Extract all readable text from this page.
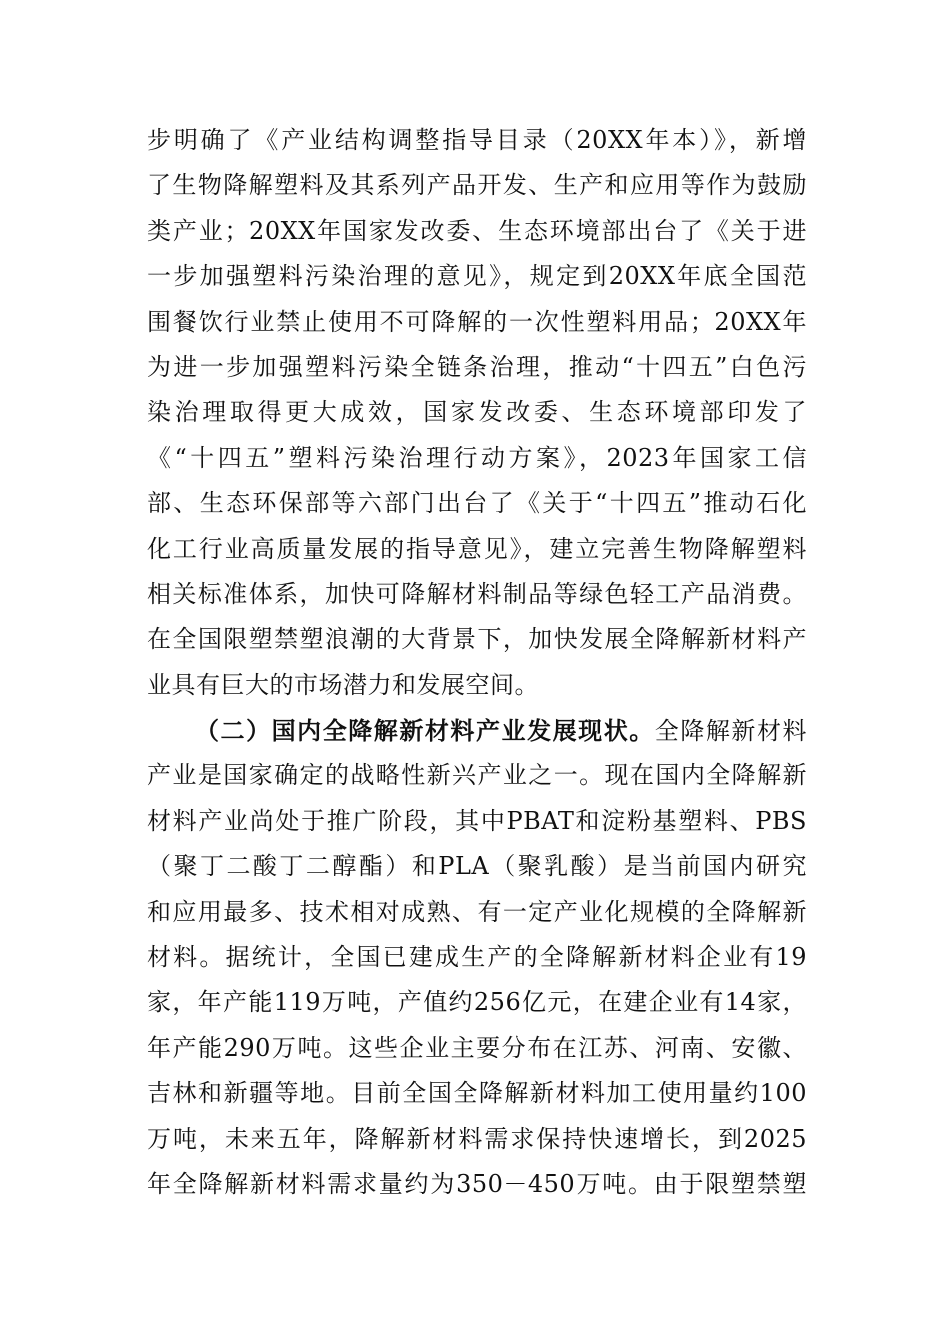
步明确了《产业结构调整指导目录（20XX年本）》，新增
了生物降解塑料及其系列产品开发、生产和应用等作为鼓励
类产业；20XX年国家发改委、生态环境部出台了《关于进
一步加强塑料污染治理的意见》，规定到20XX年底全国范
围餐饮行业禁止使用不可降解的一次性塑料用品；20XX年
为进一步加强塑料污染全链条治理，推动“十四五”白色污
染治理取得更大成效，国家发改委、生态环境部印发了
《“十四五”塑料污染治理行动方案》，2023年国家工信
部、生态环保部等六部门出台了《关于“十四五”推动石化
化工行业高质量发展的指导意见》，建立完善生物降解塑料
相关标准体系，加快可降解材料制品等绿色轻工产品消费。
在全国限塑禁塑浪潮的大背景下，加快发展全降解新材料产
业具有巨大的市场潜力和发展空间。
（二）国内全降解新材料产业发展现状。全降解新材料
产业是国家确定的战略性新兴产业之一。现在国内全降解新
材料产业尚处于推广阶段，其中PBAT和淀粉基塑料、PBS
（聚丁二酸丁二醇酯）和PLA（聚乳酸）是当前国内研究
和应用最多、技术相对成熟、有一定产业化规模的全降解新
材料。据统计，全国已建成生产的全降解新材料企业有19
家，年产能119万吨，产值约256亿元，在建企业有14家，
年产能290万吨。这些企业主要分布在江苏、河南、安徽、
吉林和新疆等地。目前全国全降解新材料加工使用量约100
万吨，未来五年，降解新材料需求保持快速增长，到2025
年全降解新材料需求量约为350－450万吨。由于限塑禁塑
